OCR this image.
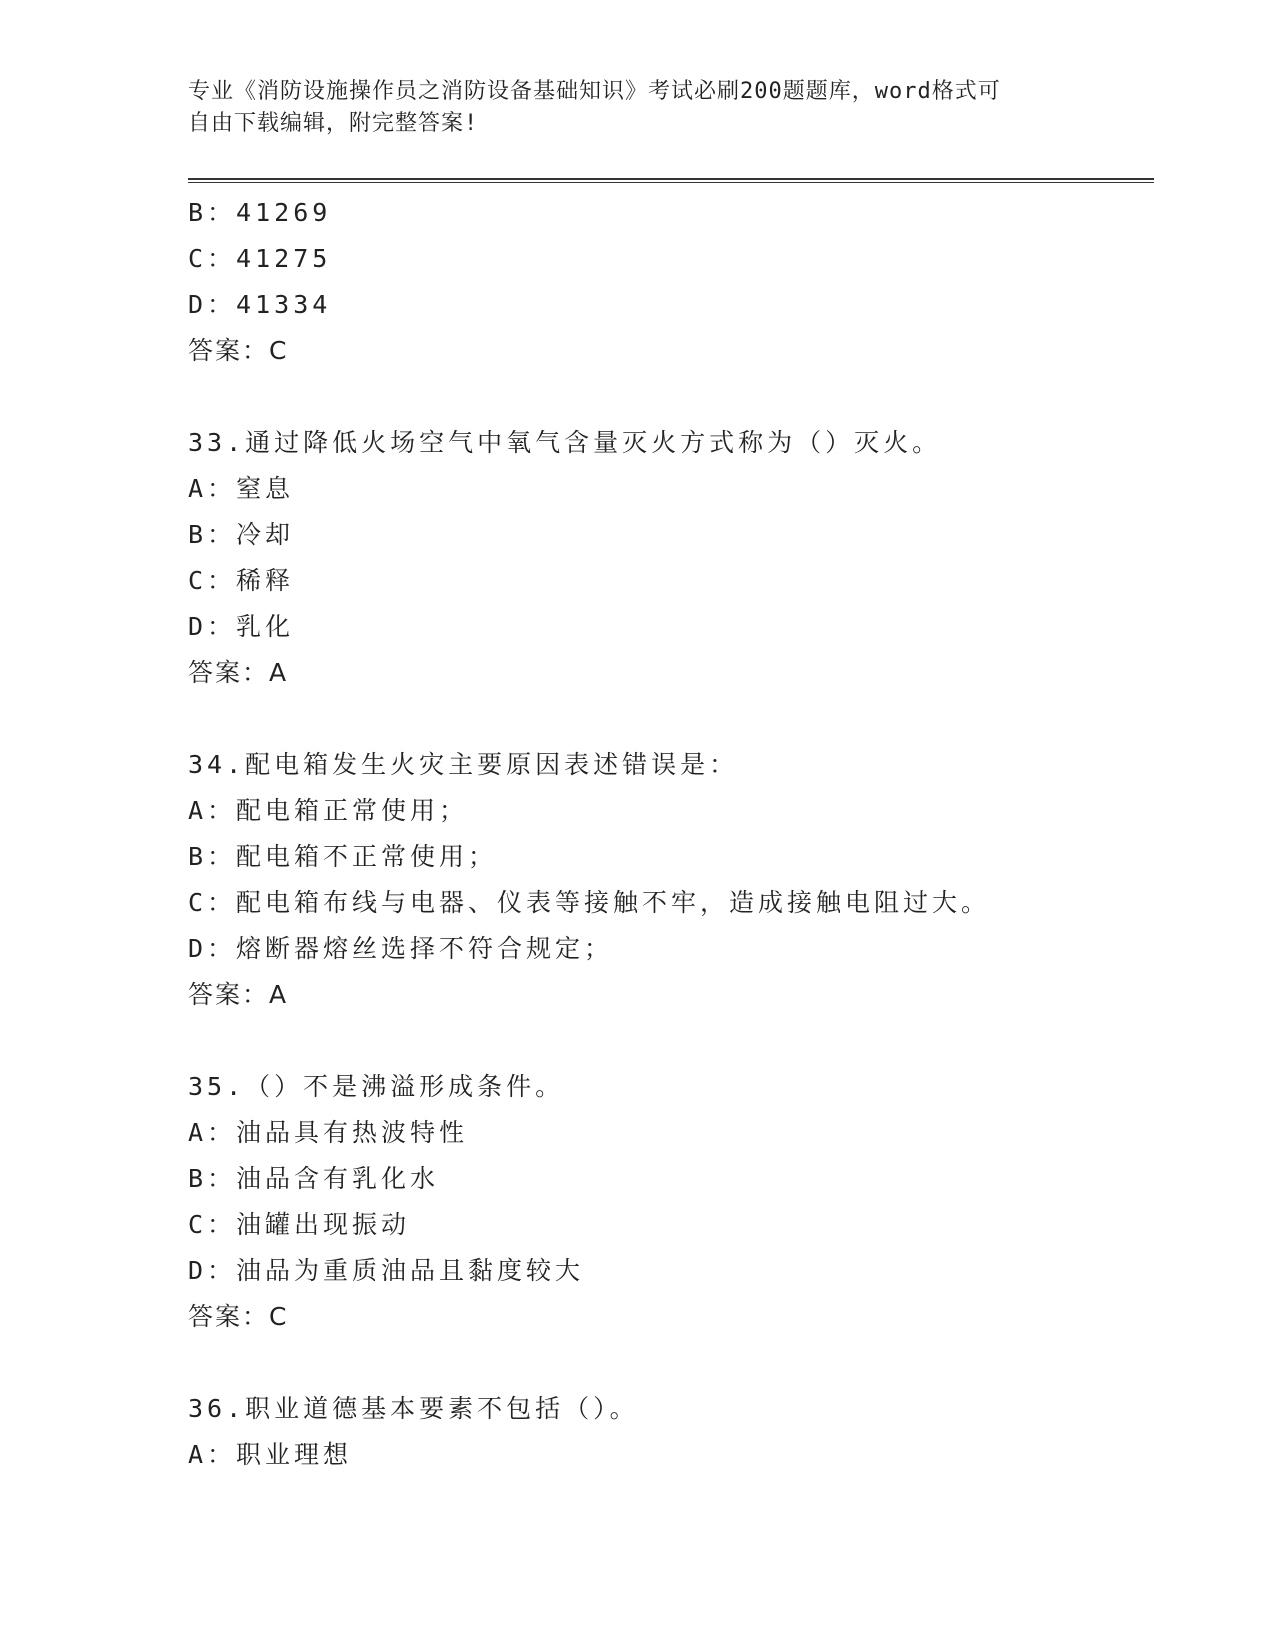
专业《消防设施操作员之消防设备基础知识》考试必刷200题题库，word格式可
自由下载编辑，附完整答案!
B：41269
C：41275
D：41334
答案：C
33.通过降低火场空气中氧气含量灭火方式称为（）灭火。
A：窒息
B：冷却
C：稀释
D：乳化
答案：A
34.配电箱发生火灾主要原因表述错误是：
A：配电箱正常使用；
B：配电箱不正常使用；
C：配电箱布线与电器、仪表等接触不牢，造成接触电阻过大。
D：熔断器熔丝选择不符合规定；
答案：A
35.（）不是沸溢形成条件。
A：油品具有热波特性
B：油品含有乳化水
C：油罐出现振动
D：油品为重质油品且黏度较大
答案：C
36.职业道德基本要素不包括（）。
A：职业理想
